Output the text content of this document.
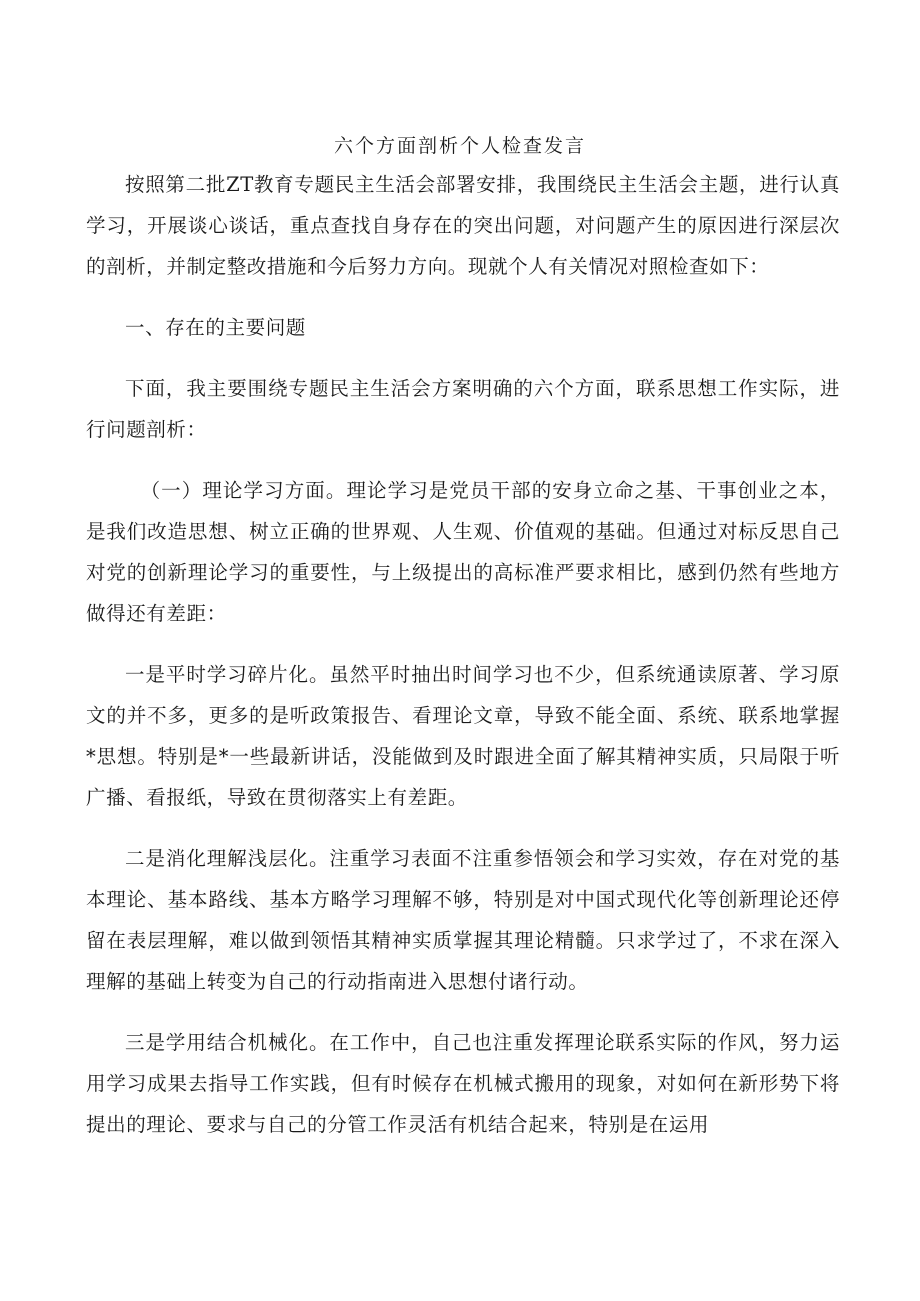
六个方面剖析个人检查发言

按照第二批ZT教育专题民主生活会部署安排，我围绕民主生活会主题，进行认真学习，开展谈心谈话，重点查找自身存在的突出问题，对问题产生的原因进行深层次的剖析，并制定整改措施和今后努力方向。现就个人有关情况对照检查如下：

一、存在的主要问题

下面，我主要围绕专题民主生活会方案明确的六个方面，联系思想工作实际，进行问题剖析：

（一）理论学习方面。理论学习是党员干部的安身立命之基、干事创业之本，是我们改造思想、树立正确的世界观、人生观、价值观的基础。但通过对标反思自己对党的创新理论学习的重要性，与上级提出的高标准严要求相比，感到仍然有些地方做得还有差距：

一是平时学习碎片化。虽然平时抽出时间学习也不少，但系统通读原著、学习原文的并不多，更多的是听政策报告、看理论文章，导致不能全面、系统、联系地掌握*思想。特别是*一些最新讲话，没能做到及时跟进全面了解其精神实质，只局限于听广播、看报纸，导致在贯彻落实上有差距。

二是消化理解浅层化。注重学习表面不注重参悟领会和学习实效，存在对党的基本理论、基本路线、基本方略学习理解不够，特别是对中国式现代化等创新理论还停留在表层理解，难以做到领悟其精神实质掌握其理论精髓。只求学过了，不求在深入理解的基础上转变为自己的行动指南进入思想付诸行动。

三是学用结合机械化。在工作中，自己也注重发挥理论联系实际的作风，努力运用学习成果去指导工作实践，但有时候存在机械式搬用的现象，对如何在新形势下将提出的理论、要求与自己的分管工作灵活有机结合起来，特别是在运用
